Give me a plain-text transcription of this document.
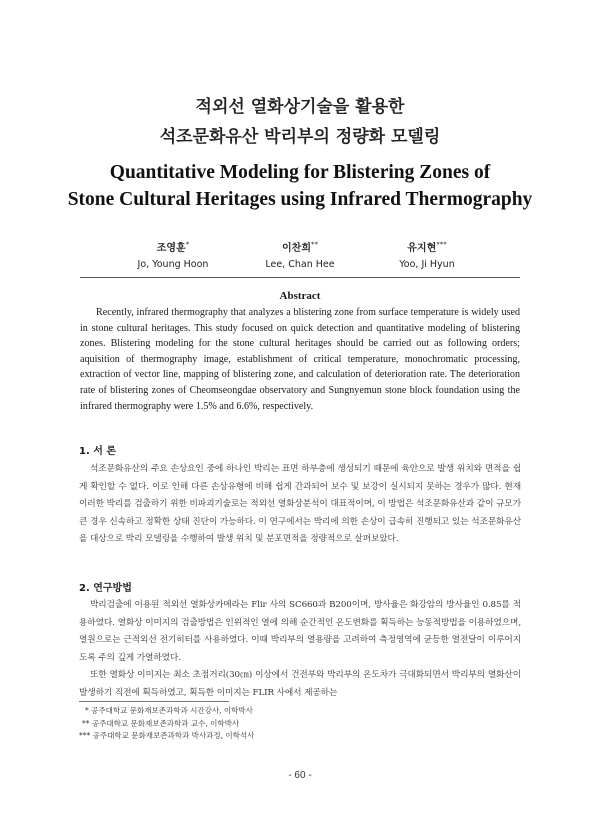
적외선 열화상기술을 활용한
석조문화유산 박리부의 정량화 모델링
Quantitative Modeling for Blistering Zones of
Stone Cultural Heritages using Infrared Thermography
조영훈*
Jo, Young Hoon
이찬희**
Lee, Chan Hee
유지현***
Yoo, Ji Hyun
Abstract
Recently, infrared thermography that analyzes a blistering zone from surface temperature is widely used in stone cultural heritages. This study focused on quick detection and quantitative modeling of blistering zones. Blistering modeling for the stone cultural heritages should be carried out as following orders; aquisition of thermography image, establishment of critical temperature, monochromatic processing, extraction of vector line, mapping of blistering zone, and calculation of deterioration rate. The deterioration rate of blistering zones of Cheomseongdae observatory and Sungnyemun stone block foundation using the infrared thermography were 1.5% and 6.6%, respectively.
1. 서 론

석조문화유산의 주요 손상요인 중에 하나인 박리는 표면 하부층에 생성되기 때문에 육안으로 발생 위치와 면적을 쉽게 확인할 수 없다. 이로 인해 다른 손상유형에 비해 쉽게 간과되어 보수 및 보강이 실시되지 못하는 경우가 많다. 현재 이러한 박리를 검출하기 위한 비파괴기술로는 적외선 열화상분석이 대표적이며, 이 방법은 석조문화유산과 같이 규모가 큰 경우 신속하고 정확한 상태 진단이 가능하다. 이 연구에서는 박리에 의한 손상이 급속히 진행되고 있는 석조문화유산을 대상으로 박리 모델링을 수행하여 발생 위치 및 분포면적을 정량적으로 살펴보았다.

2. 연구방법

박리검출에 이용된 적외선 열화상카메라는 Flir 사의 SC660과 B200이며, 방사율은 화강암의 방사율인 0.85를 적용하였다. 열화상 이미지의 검출방법은 인위적인 열에 의해 순간적인 온도변화를 획득하는 능동적방법을 이용하였으며, 열원으로는 근적외선 전기히터를 사용하였다. 이때 박리부의 열용량을 고려하여 측정영역에 균등한 열전달이 이루어지도록 주의 깊게 가열하였다.

또한 열화상 이미지는 최소 초점거리(30㎝) 이상에서 건전부와 박리부의 온도차가 극대화되면서 박리부의 열화산이 발생하기 직전에 획득하였고, 획득한 이미지는 FLIR 사에서 제공하는

* 공주대학교 문화재보존과학과 시간강사, 이학박사
** 공주대학교 문화재보존과학과 교수, 이학박사
*** 공주대학교 문화재보존과학과 박사과정, 이학석사
- 60 -
